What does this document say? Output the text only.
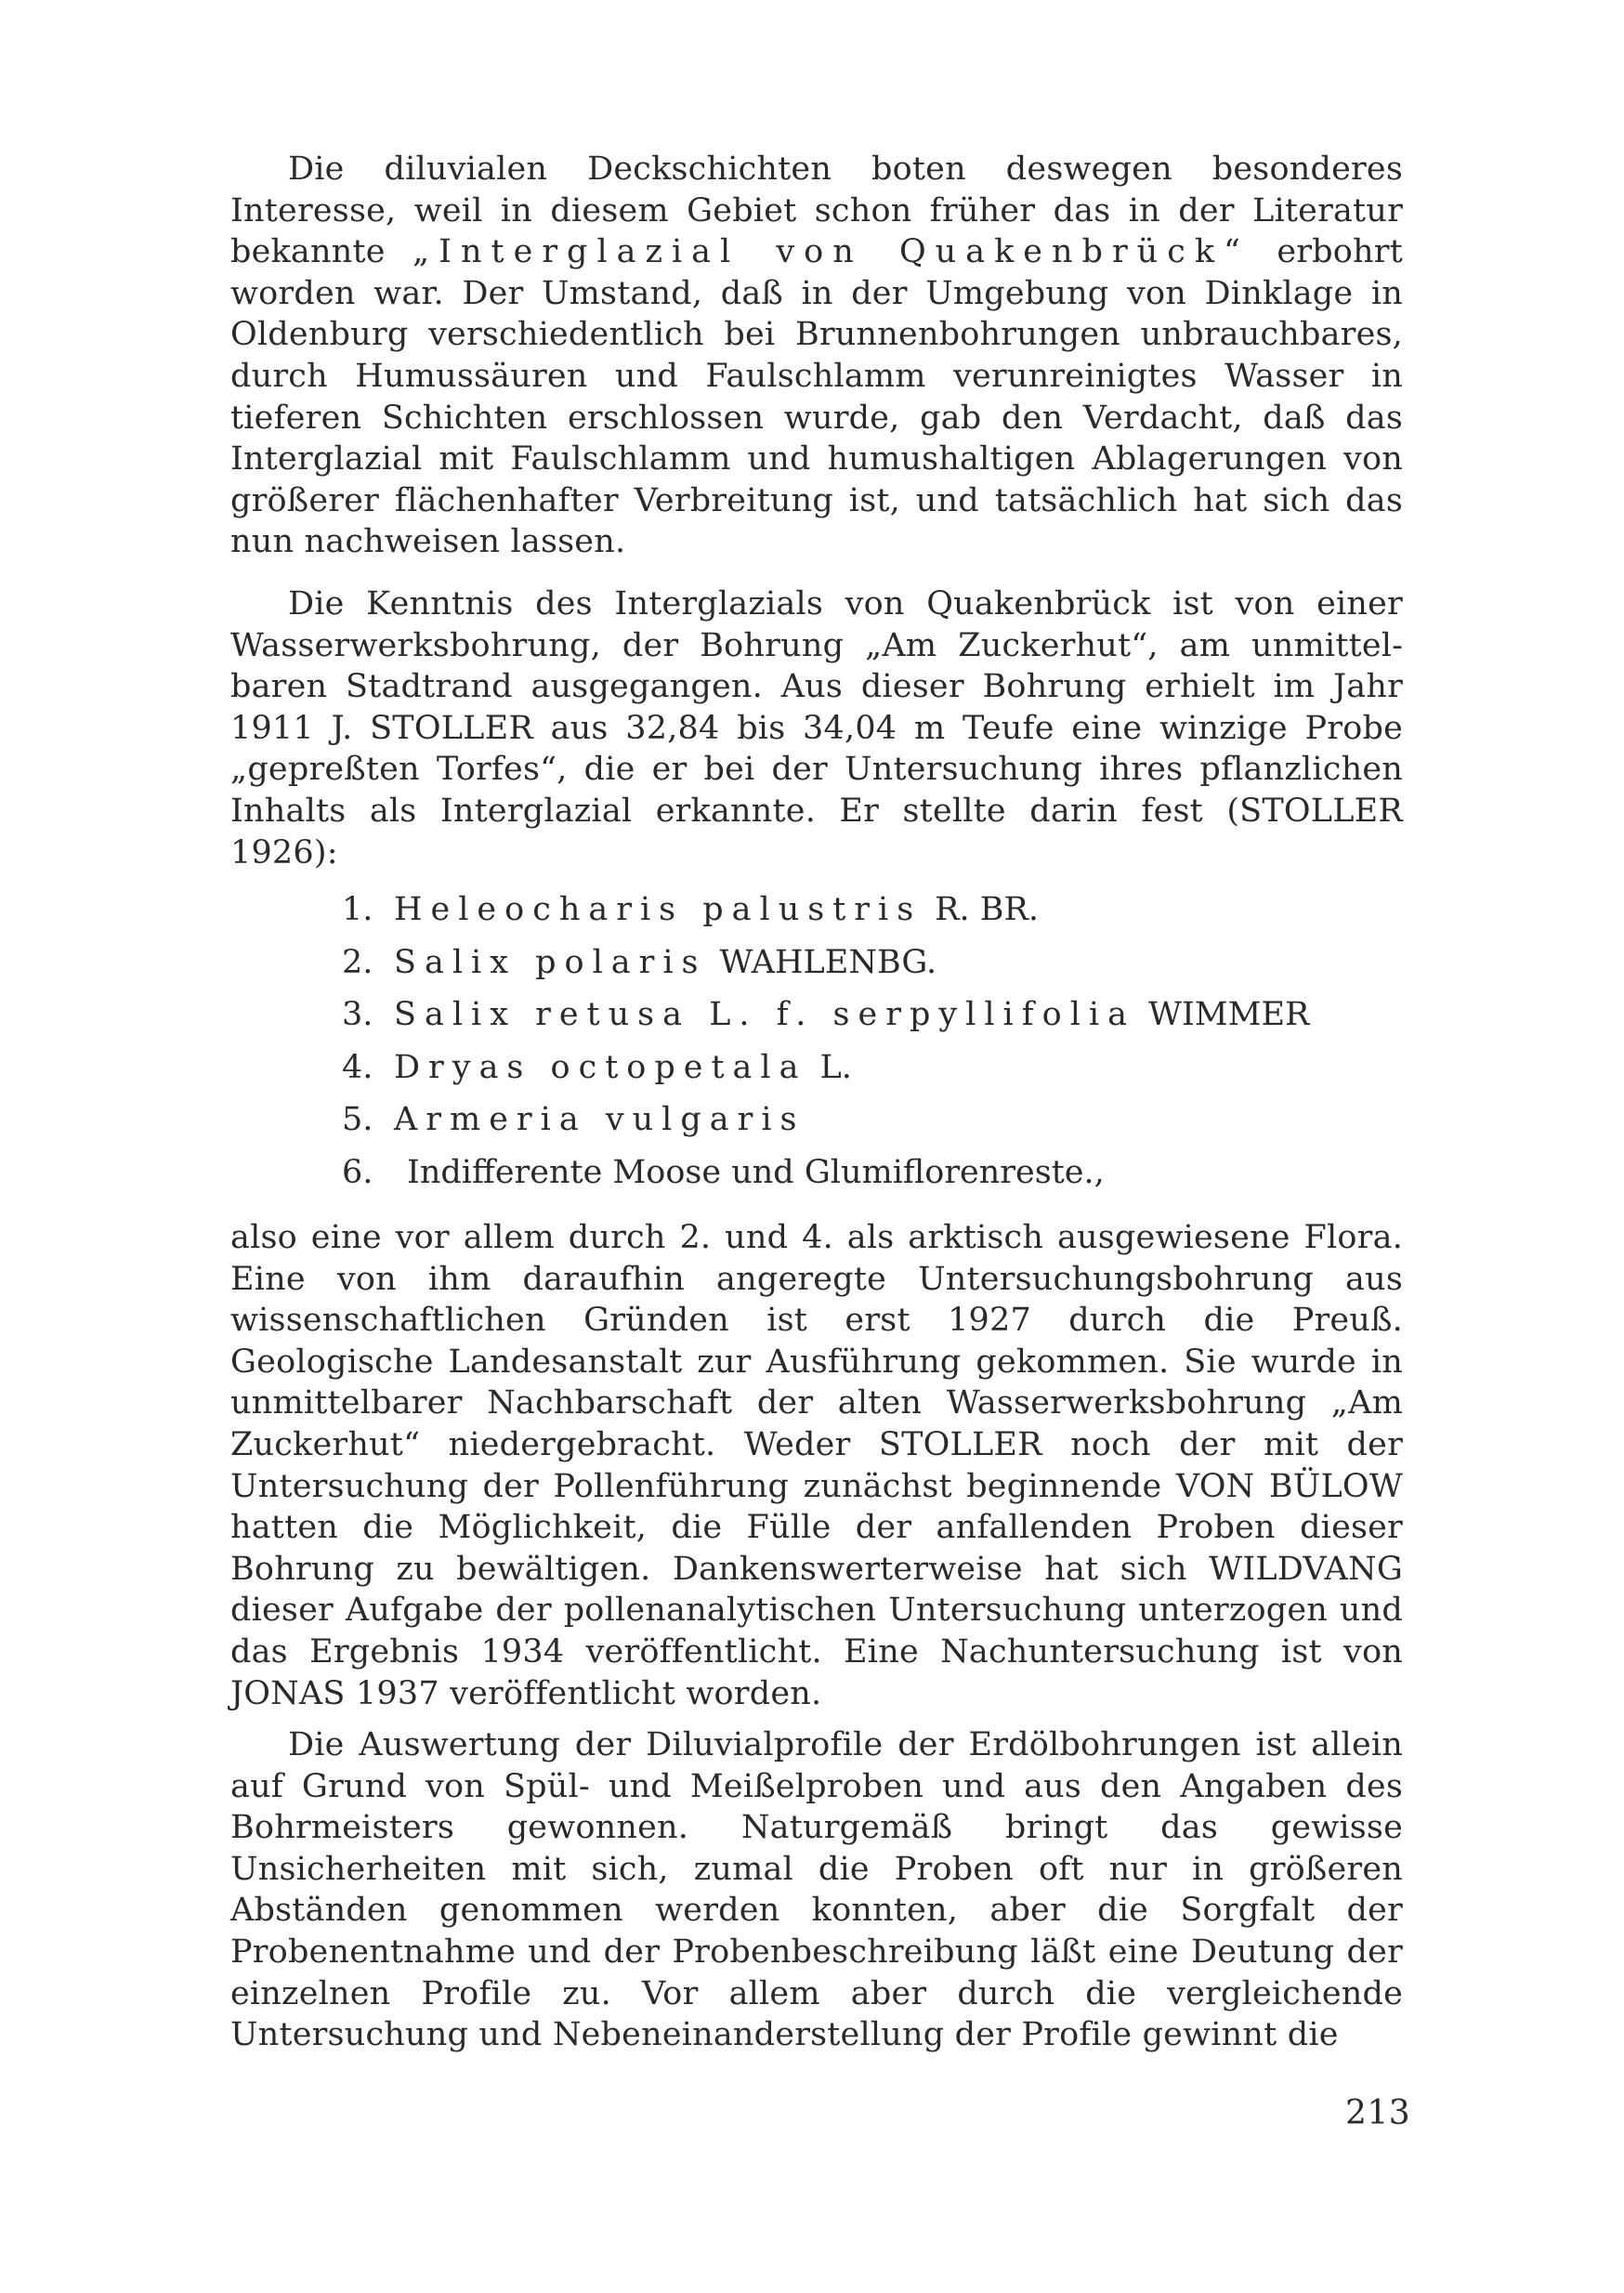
Die diluvialen Deckschichten boten deswegen besonderes Interesse, weil in diesem Gebiet schon früher das in der Literatur bekannte „Interglazial von Quakenbrück“ erbohrt worden war. Der Umstand, daß in der Umgebung von Dinklage in Oldenburg verschiedentlich bei Brunnenbohrungen unbrauchbares, durch Humussäuren und Faulschlamm verunreinigtes Wasser in tieferen Schichten erschlossen wurde, gab den Verdacht, daß das Interglazial mit Faulschlamm und humushaltigen Ablagerungen von größerer flächenhafter Verbreitung ist, und tatsächlich hat sich das nun nachweisen lassen.

Die Kenntnis des Interglazials von Quakenbrück ist von einer Wasserwerksbohrung, der Bohrung „Am Zuckerhut“, am unmittelbaren Stadtrand ausgegangen. Aus dieser Bohrung erhielt im Jahr 1911 J. STOLLER aus 32,84 bis 34,04 m Teufe eine winzige Probe „gepreßten Torfes“, die er bei der Untersuchung ihres pflanzlichen Inhalts als Interglazial erkannte. Er stellte darin fest (STOLLER 1926):

1. Heleocharis palustris R. BR.
2. Salix polaris WAHLENBG.
3. Salix retusa L. f. serpyllifolia WIMMER
4. Dryas octopetala L.
5. Armeria vulgaris
6. Indifferente Moose und Glumiflorenreste.,

also eine vor allem durch 2. und 4. als arktisch ausgewiesene Flora. Eine von ihm daraufhin angeregte Untersuchungsbohrung aus wissenschaftlichen Gründen ist erst 1927 durch die Preuß. Geologische Landesanstalt zur Ausführung gekommen. Sie wurde in unmittelbarer Nachbarschaft der alten Wasserwerksbohrung „Am Zuckerhut“ niedergebracht. Weder STOLLER noch der mit der Untersuchung der Pollenführung zunächst beginnende VON BÜLOW hatten die Möglichkeit, die Fülle der anfallenden Proben dieser Bohrung zu bewältigen. Dankenswerterweise hat sich WILDVANG dieser Aufgabe der pollenanalytischen Untersuchung unterzogen und das Ergebnis 1934 veröffentlicht. Eine Nachuntersuchung ist von JONAS 1937 veröffentlicht worden.

Die Auswertung der Diluvialprofile der Erdölbohrungen ist allein auf Grund von Spül- und Meißelproben und aus den Angaben des Bohrmeisters gewonnen. Naturgemäß bringt das gewisse Unsicherheiten mit sich, zumal die Proben oft nur in größeren Abständen genommen werden konnten, aber die Sorgfalt der Probenentnahme und der Probenbeschreibung läßt eine Deutung der einzelnen Profile zu. Vor allem aber durch die vergleichende Untersuchung und Nebeneinanderstellung der Profile gewinnt die

213
